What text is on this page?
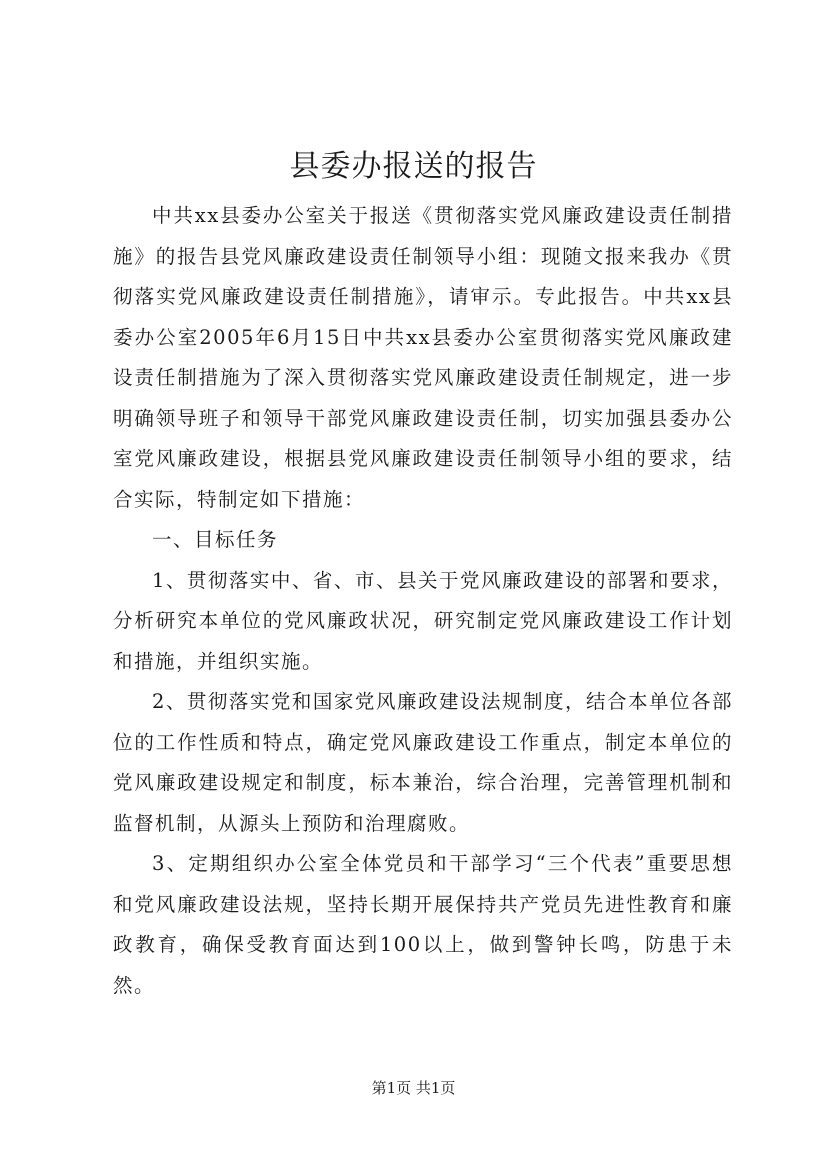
县委办报送的报告

中共xx县委办公室关于报送《贯彻落实党风廉政建设责任制措施》的报告县党风廉政建设责任制领导小组：现随文报来我办《贯彻落实党风廉政建设责任制措施》，请审示。专此报告。中共xx县委办公室2005年6月15日中共xx县委办公室贯彻落实党风廉政建设责任制措施为了深入贯彻落实党风廉政建设责任制规定，进一步明确领导班子和领导干部党风廉政建设责任制，切实加强县委办公室党风廉政建设，根据县党风廉政建设责任制领导小组的要求，结合实际，特制定如下措施：

一、目标任务

1、贯彻落实中、省、市、县关于党风廉政建设的部署和要求，分析研究本单位的党风廉政状况，研究制定党风廉政建设工作计划和措施，并组织实施。

2、贯彻落实党和国家党风廉政建设法规制度，结合本单位各部位的工作性质和特点，确定党风廉政建设工作重点，制定本单位的党风廉政建设规定和制度，标本兼治，综合治理，完善管理机制和监督机制，从源头上预防和治理腐败。

3、定期组织办公室全体党员和干部学习“三个代表”重要思想和党风廉政建设法规，坚持长期开展保持共产党员先进性教育和廉政教育，确保受教育面达到100以上，做到警钟长鸣，防患于未然。

第1页 共1页
